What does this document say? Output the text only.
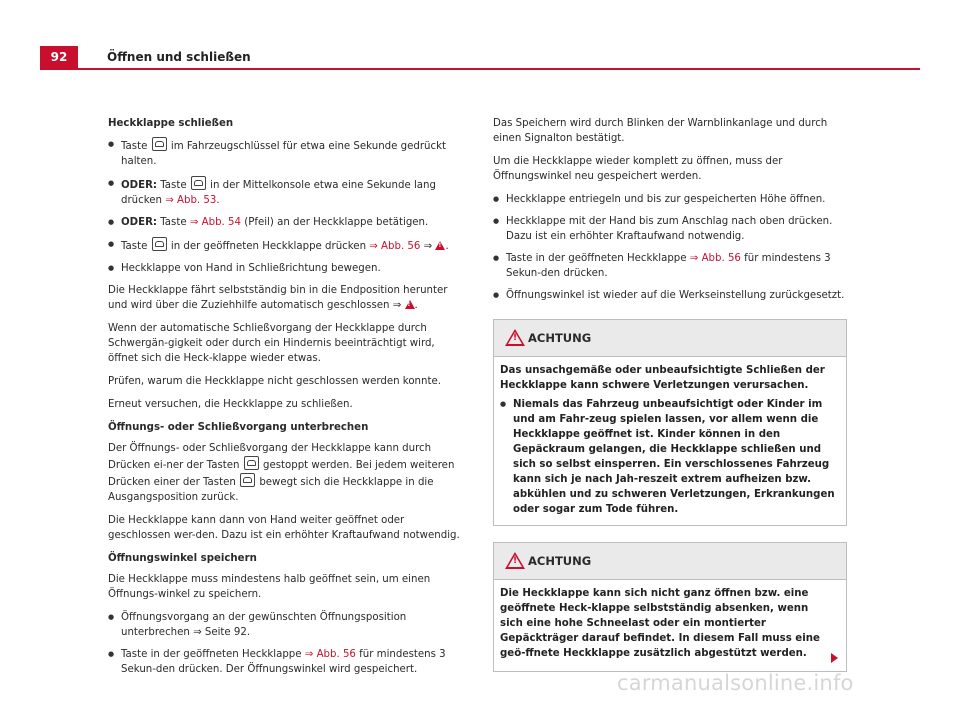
92	Öffnen und schließen
Heckklappe schließen
● Taste im Fahrzeugschlüssel für etwa eine Sekunde gedrückt halten.
● ODER: Taste in der Mittelkonsole etwa eine Sekunde lang drücken ⇒ Abb. 53.
● ODER: Taste ⇒ Abb. 54 (Pfeil) an der Heckklappe betätigen.
● Taste in der geöffneten Heckklappe drücken ⇒ Abb. 56 ⇒ ! .
● Heckklappe von Hand in Schließrichtung bewegen.

Die Heckklappe fährt selbstständig bin in die Endposition herunter und wird über die Zuziehhilfe automatisch geschlossen ⇒ ! .

Wenn der automatische Schließvorgang der Heckklappe durch Schwergän-gigkeit oder durch ein Hindernis beeinträchtigt wird, öffnet sich die Heck-klappe wieder etwas.

Prüfen, warum die Heckklappe nicht geschlossen werden konnte.

Erneut versuchen, die Heckklappe zu schließen.

Öffnungs- oder Schließvorgang unterbrechen

Der Öffnungs- oder Schließvorgang der Heckklappe kann durch Drücken ei-ner der Tasten gestoppt werden. Bei jedem weiteren Drücken einer der Tasten bewegt sich die Heckklappe in die Ausgangsposition zurück.

Die Heckklappe kann dann von Hand weiter geöffnet oder geschlossen wer-den. Dazu ist ein erhöhter Kraftaufwand notwendig.

Öffnungswinkel speichern

Die Heckklappe muss mindestens halb geöffnet sein, um einen Öffnungs-winkel zu speichern.

● Öffnungsvorgang an der gewünschten Öffnungsposition unterbrechen ⇒ Seite 92.
● Taste in der geöffneten Heckklappe ⇒ Abb. 56 für mindestens 3 Sekun-den drücken. Der Öffnungswinkel wird gespeichert.

Das Speichern wird durch Blinken der Warnblinkanlage und durch einen Signalton bestätigt.

Um die Heckklappe wieder komplett zu öffnen, muss der Öffnungswinkel neu gespeichert werden.

● Heckklappe entriegeln und bis zur gespeicherten Höhe öffnen.
● Heckklappe mit der Hand bis zum Anschlag nach oben drücken. Dazu ist ein erhöhter Kraftaufwand notwendig.
● Taste in der geöffneten Heckklappe ⇒ Abb. 56 für mindestens 3 Sekun-den drücken.
● Öffnungswinkel ist wieder auf die Werkseinstellung zurückgesetzt.
!
ACHTUNG

Das unsachgemäße oder unbeaufsichtigte Schließen der Heckklappe kann schwere Verletzungen verursachen.

● Niemals das Fahrzeug unbeaufsichtigt oder Kinder im und am Fahr-zeug spielen lassen, vor allem wenn die Heckklappe geöffnet ist. Kinder können in den Gepäckraum gelangen, die Heckklappe schließen und sich so selbst einsperren. Ein verschlossenes Fahrzeug kann sich je nach Jah-reszeit extrem aufheizen bzw. abkühlen und zu schweren Verletzungen, Erkrankungen oder sogar zum Tode führen.
!
ACHTUNG

Die Heckklappe kann sich nicht ganz öffnen bzw. eine geöffnete Heck-klappe selbstständig absenken, wenn sich eine hohe Schneelast oder ein montierter Gepäckträger darauf befindet. In diesem Fall muss eine geö-ffnete Heckklappe zusätzlich abgestützt werden.

carmanualsonline.info
